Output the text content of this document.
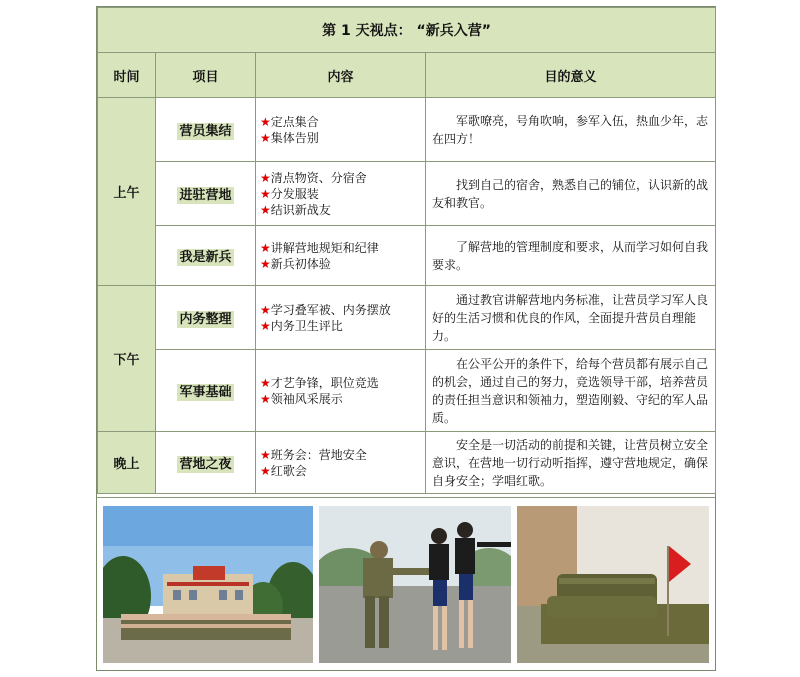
第 1 天视点： “新兵入营”			
时间	项目	内容	目的意义
上午	营员集结	★定点集合
★集体告别	军歌嘹亮，号角吹响，参军入伍，热血少年，志在四方！
	进驻营地	★清点物资、分宿舍
★分发服装
★结识新战友	找到自己的宿舍，熟悉自己的铺位，认识新的战友和教官。
	我是新兵	★讲解营地规矩和纪律
★新兵初体验	了解营地的管理制度和要求，从而学习如何自我要求。
下午	内务整理	★学习叠军被、内务摆放
★内务卫生评比	通过教官讲解营地内务标准，让营员学习军人良好的生活习惯和优良的作风，全面提升营员自理能力。
	军事基础	★才艺争锋，职位竞选
★领袖风采展示	在公平公开的条件下，给每个营员都有展示自己的机会，通过自己的努力，竞选领导干部，培养营员的责任担当意识和领袖力，塑造刚毅、守纪的军人品质。
晚上	营地之夜	★班务会：营地安全
★红歌会	安全是一切活动的前提和关键，让营员树立安全意识，在营地一切行动听指挥，遵守营地规定，确保自身安全；学唱红歌。
